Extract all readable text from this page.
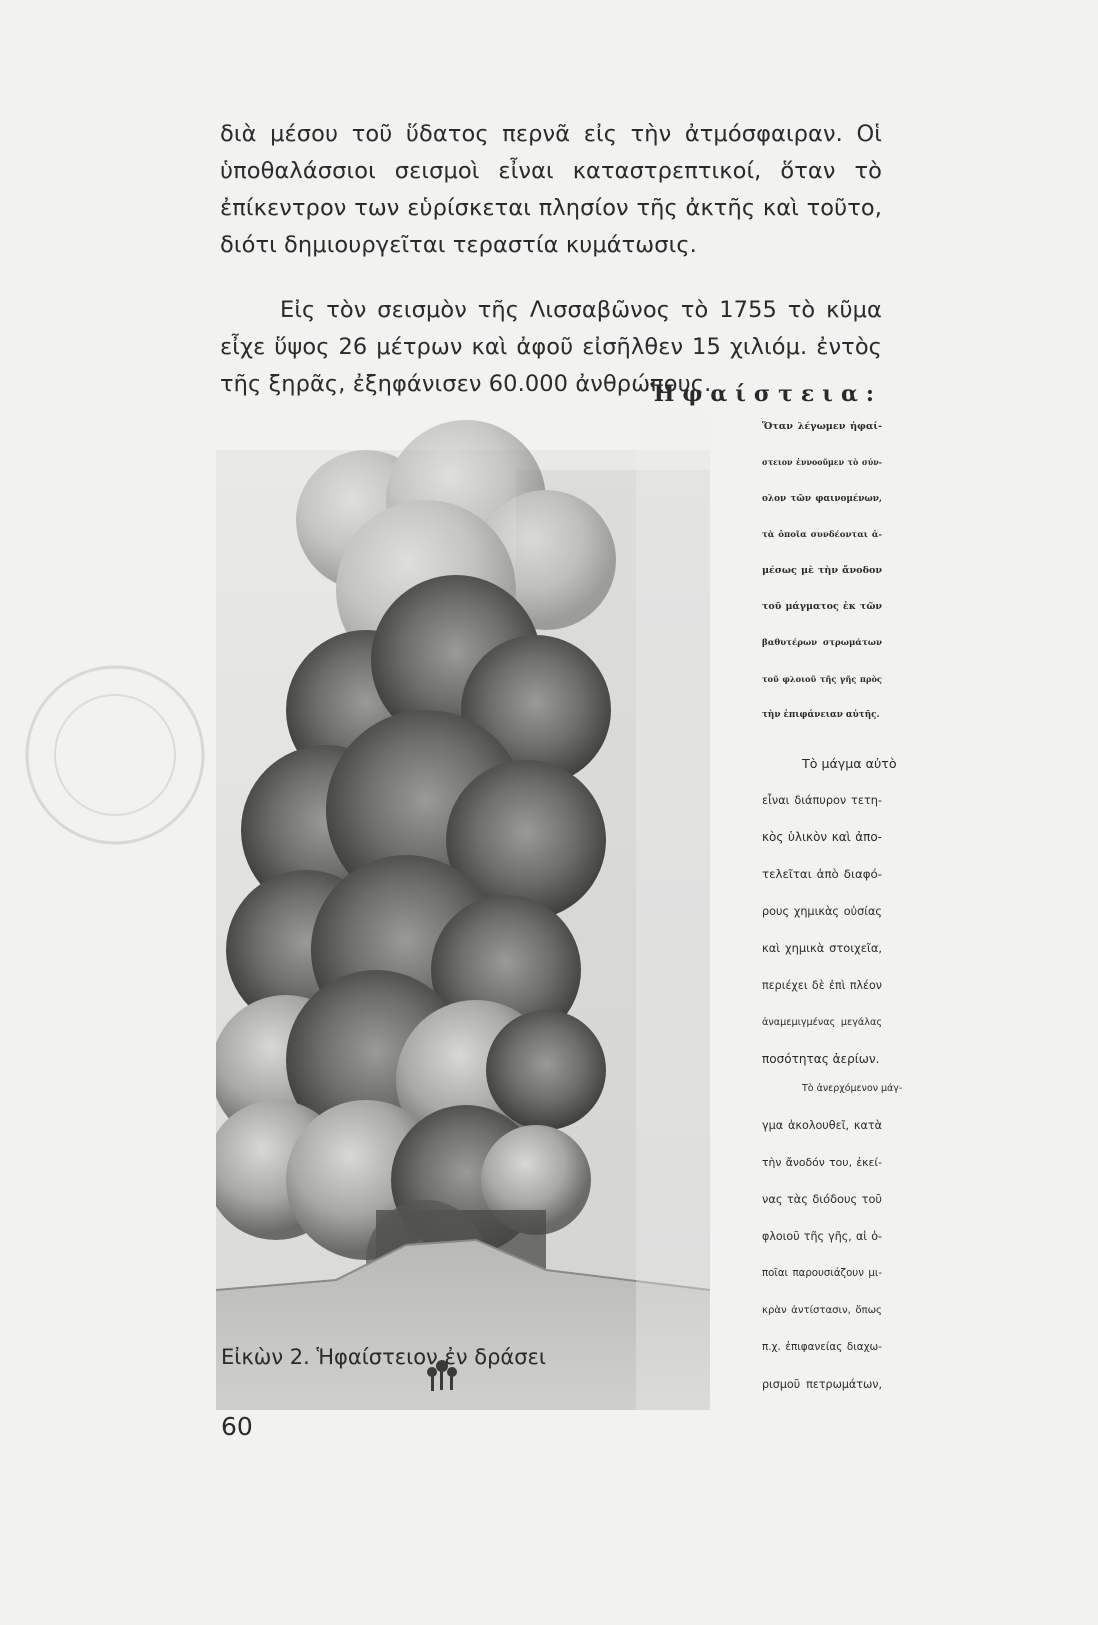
διὰ μέσου τοῦ ὕδατος περνᾶ εἰς τὴν ἀτμόσφαιραν. Οἱ ὑποθαλάσσιοι σεισμοὶ εἶναι καταστρεπτικοί, ὅταν τὸ ἐπίκεντρον των εὑρίσκεται πλησίον τῆς ἀκτῆς καὶ τοῦτο, διότι δημιουργεῖται τεραστία κυμάτωσις.

Εἰς τὸν σεισμὸν τῆς Λισσαβῶνος τὸ 1755 τὸ κῦμα εἶχε ὕψος 26 μέτρων καὶ ἀφοῦ εἰσῆλθεν 15 χιλιόμ. ἐντὸς τῆς ξηρᾶς, ἐξηφάνισεν 60.000 ἀνθρώπους.

Εἰκὼν 2. Ἡφαίστειον ἐν δράσει
60
Ἡφαίστεια:
Ὅταν λέγωμεν ἡφαί-
στειον ἐννοοῦμεν τὸ σύν-
ολον τῶν φαινομένων,
τὰ ὁποῖα συνδέονται ἀ-
μέσως μὲ τὴν ἄνοδον
τοῦ μάγματος ἐκ τῶν
βαθυτέρων στρωμάτων
τοῦ φλοιοῦ τῆς γῆς πρὸς
τὴν ἐπιφάνειαν αὐτῆς.
Τὸ μάγμα αὐτὸ
εἶναι διάπυρον τετη-
κὸς ὑλικὸν καὶ ἀπο-
τελεῖται ἀπὸ διαφό-
ρους χημικὰς οὐσίας
καὶ χημικὰ στοιχεῖα,
περιέχει δὲ ἐπὶ πλέον
ἀναμεμιγμένας μεγάλας
ποσότητας ἀερίων.
Τὸ ἀνερχόμενον μάγ-
γμα ἀκολουθεῖ, κατὰ
τὴν ἄνοδόν του, ἐκεί-
νας τὰς διόδους τοῦ
φλοιοῦ τῆς γῆς, αἱ ὁ-
ποῖαι παρουσιάζουν μι-
κρὰν ἀντίστασιν, ὅπως
π.χ. ἐπιφανείας διαχω-
ρισμοῦ πετρωμάτων,
